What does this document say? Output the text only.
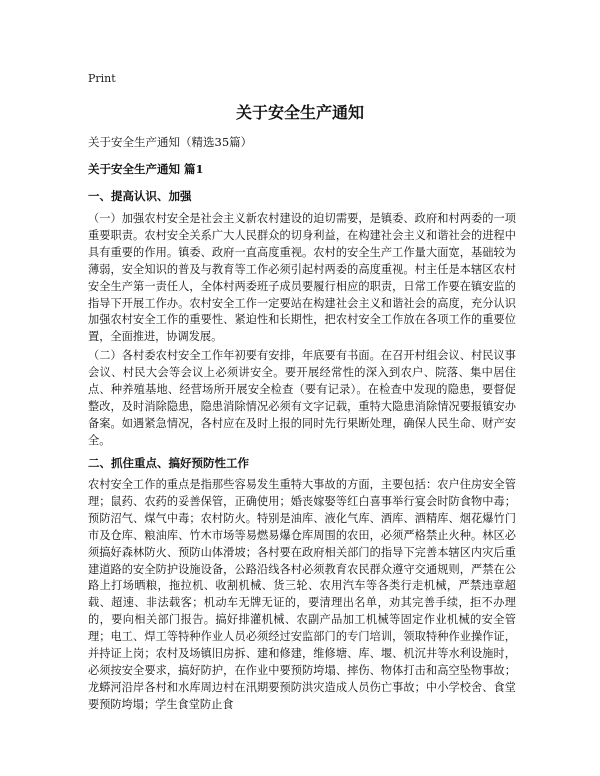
Print
关于安全生产通知
关于安全生产通知（精选35篇）
关于安全生产通知 篇1
一、提高认识、加强
（一）加强农村安全是社会主义新农村建设的迫切需要，是镇委、政府和村两委的一项重要职责。农村安全关系广大人民群众的切身利益，在构建社会主义和谐社会的进程中具有重要的作用。镇委、政府一直高度重视。农村的安全生产工作量大面宽，基础较为薄弱，安全知识的普及与教育等工作必须引起村两委的高度重视。村主任是本辖区农村安全生产第一责任人，全体村两委班子成员要履行相应的职责，日常工作要在镇安监的指导下开展工作办。农村安全工作一定要站在构建社会主义和谐社会的高度，充分认识加强农村安全工作的重要性、紧迫性和长期性，把农村安全工作放在各项工作的重要位置，全面推进，协调发展。
（二）各村委农村安全工作年初要有安排，年底要有书面。在召开村组会议、村民议事会议、村民大会等会议上必须讲安全。要开展经常性的深入到农户、院落、集中居住点、种养殖基地、经营场所开展安全检查（要有记录）。在检查中发现的隐患，要督促整改，及时消除隐患，隐患消除情况必须有文字记载，重特大隐患消除情况要报镇安办备案。如遇紧急情况，各村应在及时上报的同时先行果断处理，确保人民生命、财产安全。
二、抓住重点、搞好预防性工作
农村安全工作的重点是指那些容易发生重特大事故的方面，主要包括：农户住房安全管理；鼠药、农药的妥善保管，正确使用；婚丧嫁娶等红白喜事举行宴会时防食物中毒；预防沼气、煤气中毒；农村防火。特别是油库、液化气库、酒库、酒精库、烟花爆竹门市及仓库、粮油库、竹木市场等易燃易爆仓库周围的农田，必须严格禁止火种。林区必须搞好森林防火、预防山体滑坡；各村要在政府相关部门的指导下完善本辖区内灾后重建道路的安全防护设施设备，公路沿线各村必须教育农民群众遵守交通规则，严禁在公路上打场晒粮，拖拉机、收割机械、货三轮、农用汽车等各类行走机械，严禁违章超载、超速、非法载客；机动车无牌无证的，要清理出名单，劝其完善手续，拒不办理的，要向相关部门报告。搞好排灌机械、农副产品加工机械等固定作业机械的安全管理；电工、焊工等特种作业人员必须经过安监部门的专门培训，领取特种作业操作证，并持证上岗；农村及场镇旧房拆、建和修建，维修塘、库、堰、机沉井等水利设施时，必须按安全要求，搞好防护，在作业中要预防垮塌、摔伤、物体打击和高空坠物事故；龙蟒河沿岸各村和水库周边村在汛期要预防洪灾造成人员伤亡事故；中小学校舍、食堂要预防垮塌；学生食堂防止食
